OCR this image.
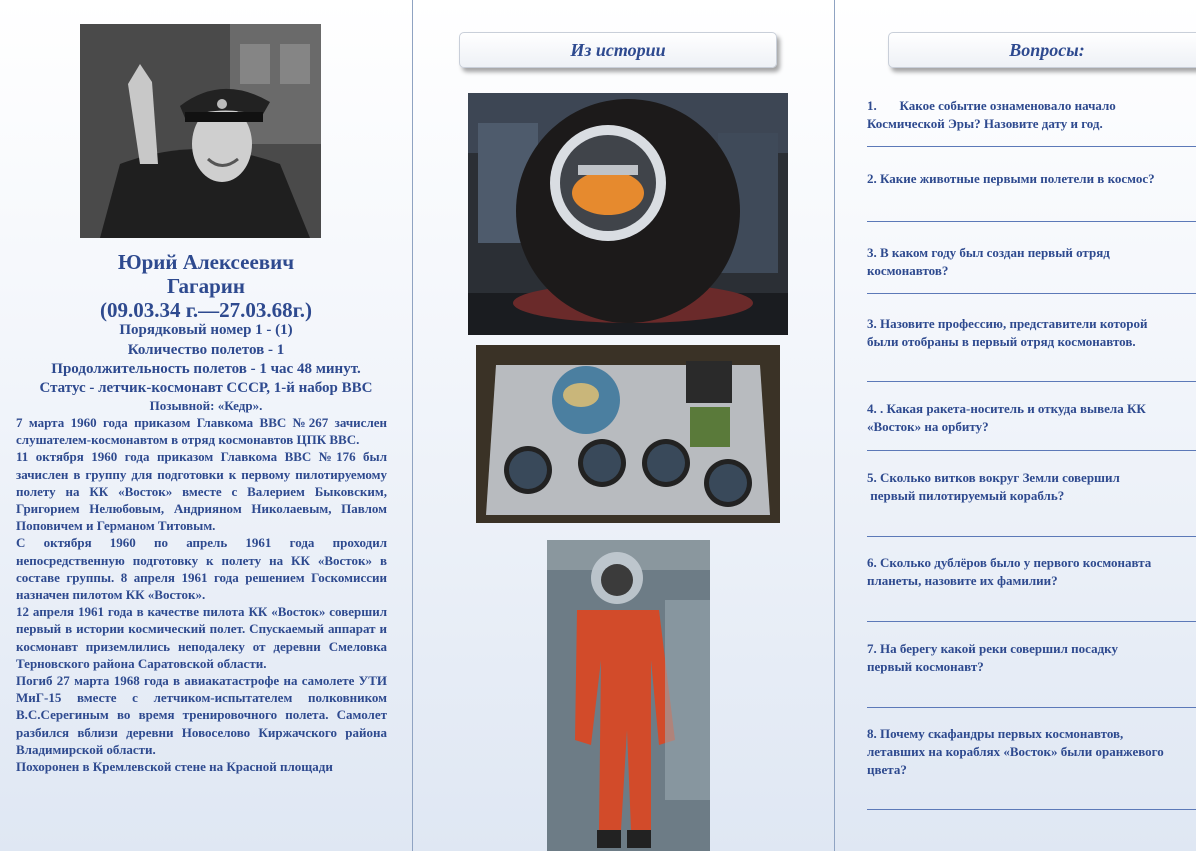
Юрий Алексеевич
Гагарин
(09.03.34 г.—27.03.68г.)
Порядковый номер 1 - (1)
Количество полетов - 1
Продолжительность полетов - 1 час 48 минут.
Статус - летчик-космонавт СССР, 1-й набор ВВС
Позывной: «Кедр».

7 марта 1960 года приказом Главкома ВВС №267 зачислен слушателем-космонавтом в отряд космонавтов ЦПК ВВС.

11 октября 1960 года приказом Главкома ВВС №176 был зачислен в группу для подготовки к первому пилотируемому полету на КК «Восток» вместе с Валерием Быковским, Григорием Нелюбовым, Андрияном Николаевым, Павлом Поповичем и Германом Титовым.

С октября 1960 по апрель 1961 года проходил непосредственную подготовку к полету на КК «Восток» в составе группы. 8 апреля 1961 года решением Госкомиссии назначен пилотом КК «Восток».

12 апреля 1961 года в качестве пилота КК «Восток» совершил первый в истории космический полет. Спускаемый аппарат и космонавт приземлились неподалеку от деревни Смеловка Терновского района Саратовской области.

Погиб 27 марта 1968 года в авиакатастрофе на самолете УТИ МиГ-15 вместе с летчиком-испытателем полковником В.С.Серегиным во время тренировочного полета. Самолет разбился вблизи деревни Новоселово Киржачского района Владимирской области.

Похоронен в Кремлевской стене на Красной площади

Из истории	Вопросы:
1.       Какое событие ознаменовало начало
Космической Эры? Назовите дату и год.
2. Какие животные первыми полетели в космос?
3. В каком году был создан первый отряд
космонавтов?
3. Назовите профессию, представители которой
были отобраны в первый отряд космонавтов.
4. . Какая ракета-носитель и откуда вывела КК
«Восток» на орбиту?
5. Сколько витков вокруг Земли совершил
первый пилотируемый корабль?
6. Сколько дублёров было у первого космонавта
планеты, назовите их фамилии?
7. На берегу какой реки совершил посадку
первый космонавт?
8. Почему скафандры первых космонавтов,
летавших на кораблях «Восток» были оранжевого
цвета?
